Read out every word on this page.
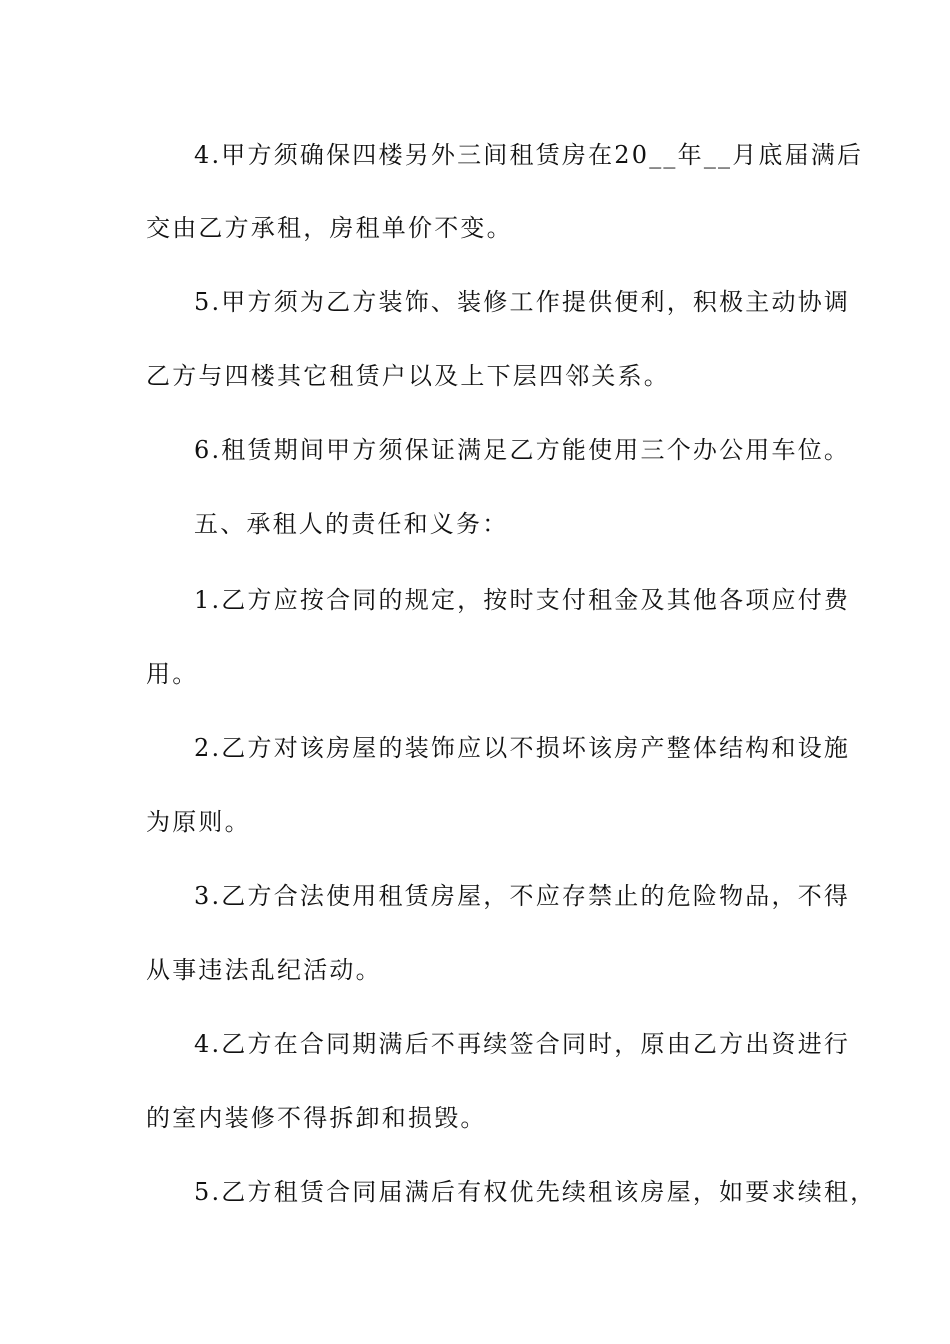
4.甲方须确保四楼另外三间租赁房在20__年__月底届满后
交由乙方承租，房租单价不变。
5.甲方须为乙方装饰、装修工作提供便利，积极主动协调
乙方与四楼其它租赁户以及上下层四邻关系。
6.租赁期间甲方须保证满足乙方能使用三个办公用车位。
五、承租人的责任和义务：
1.乙方应按合同的规定，按时支付租金及其他各项应付费
用。
2.乙方对该房屋的装饰应以不损坏该房产整体结构和设施
为原则。
3.乙方合法使用租赁房屋，不应存禁止的危险物品，不得
从事违法乱纪活动。
4.乙方在合同期满后不再续签合同时，原由乙方出资进行
的室内装修不得拆卸和损毁。
5.乙方租赁合同届满后有权优先续租该房屋，如要求续租，
